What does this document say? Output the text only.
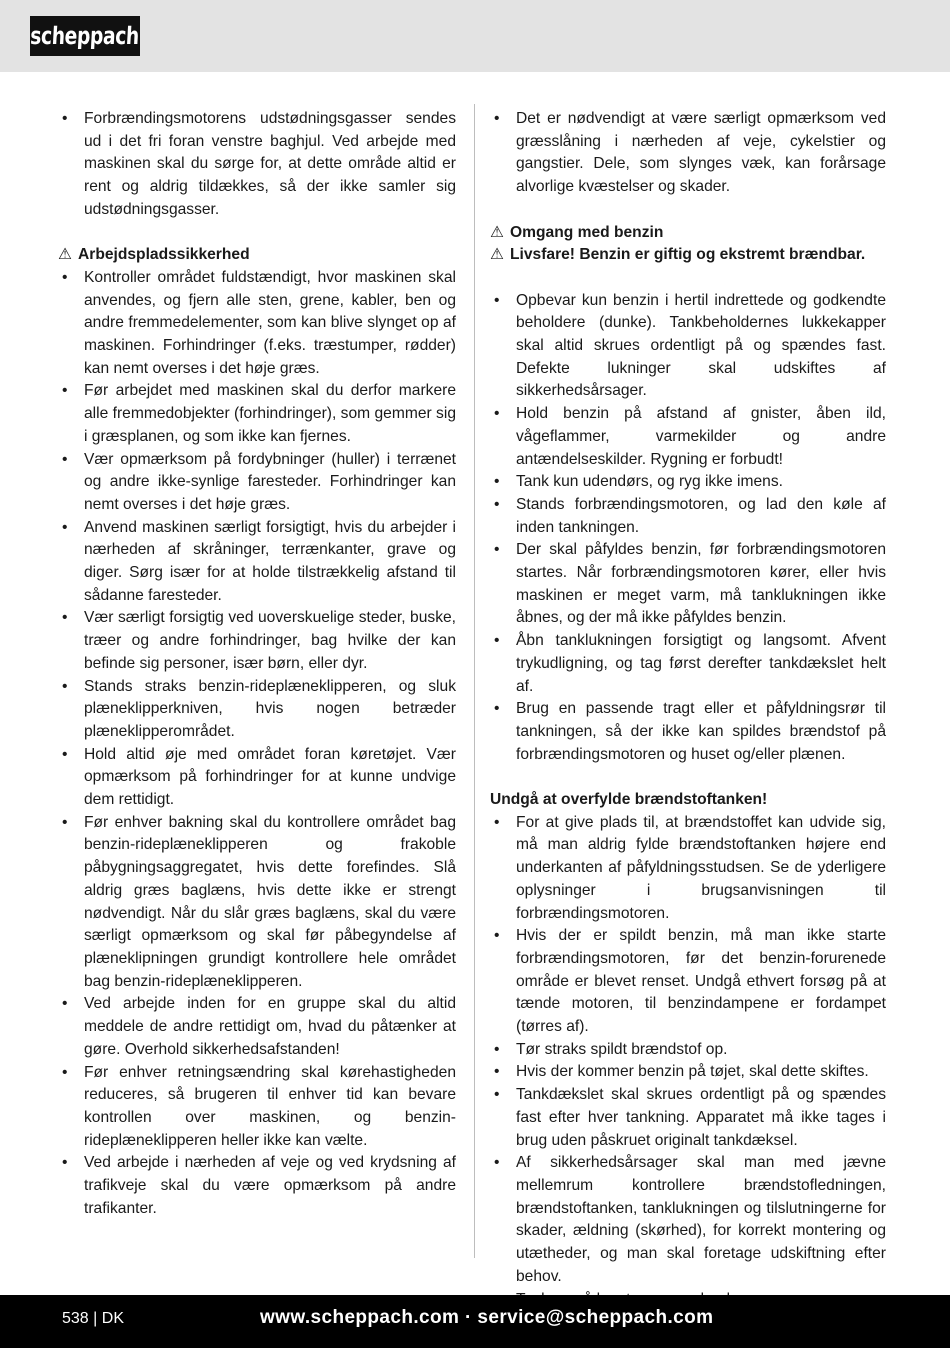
scheppach
•	Forbrændingsmotorens udstødningsgasser sendes ud i det fri foran venstre baghjul. Ved arbejde med maskinen skal du sørge for, at dette område altid er rent og aldrig tildækkes, så der ikke samler sig udstødningsgasser.

⚠ Arbejdspladssikkerhed

•	Kontroller området fuldstændigt, hvor maskinen skal anvendes, og fjern alle sten, grene, kabler, ben og andre fremmedelementer, som kan blive slynget op af maskinen. Forhindringer (f.eks. træstumper, rødder) kan nemt overses i det høje græs.
•	Før arbejdet med maskinen skal du derfor markere alle fremmedobjekter (forhindringer), som gemmer sig i græsplanen, og som ikke kan fjernes.
•	Vær opmærksom på fordybninger (huller) i terrænet og andre ikke-synlige faresteder. Forhindringer kan nemt overses i det høje græs.
•	Anvend maskinen særligt forsigtigt, hvis du arbejder i nærheden af skråninger, terrænkanter, grave og diger. Sørg især for at holde tilstrækkelig afstand til sådanne faresteder.
•	Vær særligt forsigtig ved uoverskuelige steder, buske, træer og andre forhindringer, bag hvilke der kan befinde sig personer, især børn, eller dyr.
•	Stands straks benzin-rideplæneklipperen, og sluk plæneklipperkniven, hvis nogen betræder plæneklipperområdet.
•	Hold altid øje med området foran køretøjet. Vær opmærksom på forhindringer for at kunne undvige dem rettidigt.
•	Før enhver bakning skal du kontrollere området bag benzin-rideplæneklipperen og frakoble påbygningsaggregatet, hvis dette forefindes. Slå aldrig græs baglæns, hvis dette ikke er strengt nødvendigt. Når du slår græs baglæns, skal du være særligt opmærksom og skal før påbegyndelse af plæneklipningen grundigt kontrollere hele området bag benzin-rideplæneklipperen.
•	Ved arbejde inden for en gruppe skal du altid meddele de andre rettidigt om, hvad du påtænker at gøre. Overhold sikkerhedsafstanden!
•	Før enhver retningsændring skal kørehastigheden reduceres, så brugeren til enhver tid kan bevare kontrollen over maskinen, og benzin-rideplæneklipperen heller ikke kan vælte.
•	Ved arbejde i nærheden af veje og ved krydsning af trafikveje skal du være opmærksom på andre trafikanter.
•	Det er nødvendigt at være særligt opmærksom ved græsslåning i nærheden af veje, cykelstier og gangstier. Dele, som slynges væk, kan forårsage alvorlige kvæstelser og skader.

⚠ Omgang med benzin

⚠ Livsfare! Benzin er giftig og ekstremt brændbar.

•	Opbevar kun benzin i hertil indrettede og godkendte beholdere (dunke). Tankbeholdernes lukkekapper skal altid skrues ordentligt på og spændes fast. Defekte lukninger skal udskiftes af sikkerhedsårsager.
•	Hold benzin på afstand af gnister, åben ild, vågeflammer, varmekilder og andre antændelseskilder. Rygning er forbudt!
•	Tank kun udendørs, og ryg ikke imens.
•	Stands forbrændingsmotoren, og lad den køle af inden tankningen.
•	Der skal påfyldes benzin, før forbrændingsmotoren startes. Når forbrændingsmotoren kører, eller hvis maskinen er meget varm, må tanklukningen ikke åbnes, og der må ikke påfyldes benzin.
•	Åbn tanklukningen forsigtigt og langsomt. Afvent trykudligning, og tag først derefter tankdækslet helt af.
•	Brug en passende tragt eller et påfyldningsrør til tankningen, så der ikke kan spildes brændstof på forbrændingsmotoren og huset og/eller plænen.

Undgå at overfylde brændstoftanken!

•	For at give plads til, at brændstoffet kan udvide sig, må man aldrig fylde brændstoftanken højere end underkanten af påfyldningsstudsen. Se de yderligere oplysninger i brugsanvisningen til forbrændingsmotoren.
•	Hvis der er spildt benzin, må man ikke starte forbrændingsmotoren, før det benzin-forurenede område er blevet renset. Undgå ethvert forsøg på at tænde motoren, til benzindampene er fordampet (tørres af).
•	Tør straks spildt brændstof op.
•	Hvis der kommer benzin på tøjet, skal dette skiftes.
•	Tankdækslet skal skrues ordentligt på og spændes fast efter hver tankning. Apparatet må ikke tages i brug uden påskruet originalt tankdæksel.
•	Af sikkerhedsårsager skal man med jævne mellemrum kontrollere brændstofledningen, brændstoftanken, tanklukningen og tilslutningerne for skader, ældning (skørhed), for korrekt montering og utætheder, og man skal foretage udskiftning efter behov.
538 | DK	www.scheppach.com · service@scheppach.com
